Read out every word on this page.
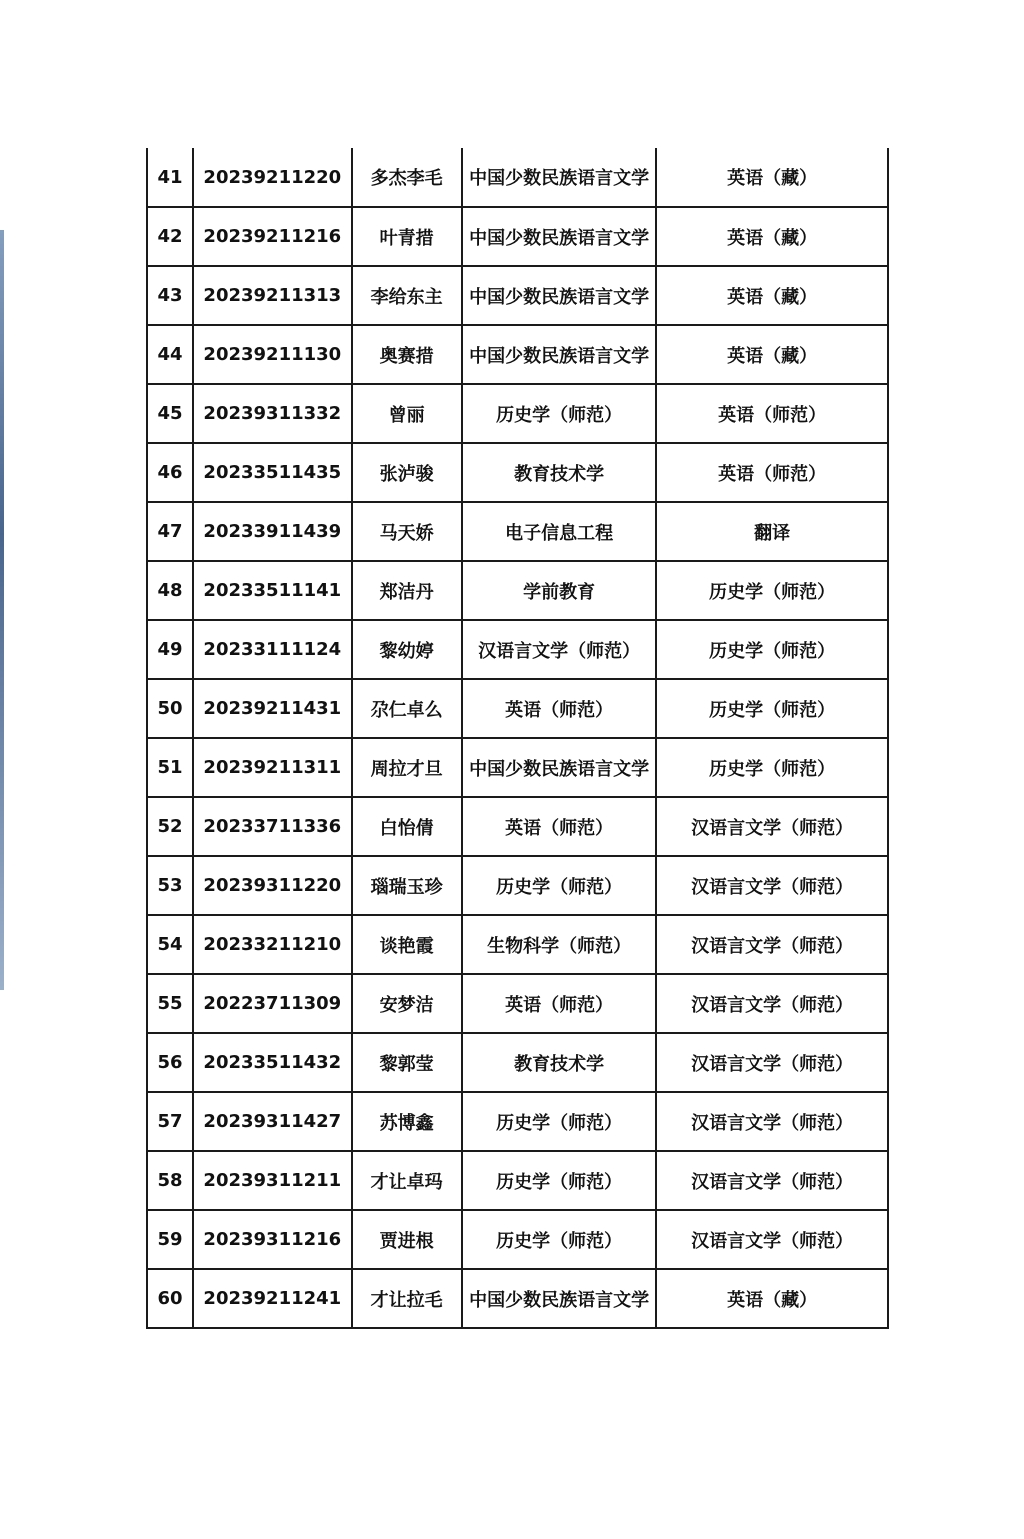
41	20239211220	多杰李毛	中国少数民族语言文学	英语（藏）
42	20239211216	叶青措	中国少数民族语言文学	英语（藏）
43	20239211313	李给东主	中国少数民族语言文学	英语（藏）
44	20239211130	奥赛措	中国少数民族语言文学	英语（藏）
45	20239311332	曾丽	历史学（师范）	英语（师范）
46	20233511435	张泸骏	教育技术学	英语（师范）
47	20233911439	马天娇	电子信息工程	翻译
48	20233511141	郑洁丹	学前教育	历史学（师范）
49	20233111124	黎幼婷	汉语言文学（师范）	历史学（师范）
50	20239211431	尕仁卓么	英语（师范）	历史学（师范）
51	20239211311	周拉才旦	中国少数民族语言文学	历史学（师范）
52	20233711336	白怡倩	英语（师范）	汉语言文学（师范）
53	20239311220	瑙瑞玉珍	历史学（师范）	汉语言文学（师范）
54	20233211210	谈艳霞	生物科学（师范）	汉语言文学（师范）
55	20223711309	安梦洁	英语（师范）	汉语言文学（师范）
56	20233511432	黎郭莹	教育技术学	汉语言文学（师范）
57	20239311427	苏博鑫	历史学（师范）	汉语言文学（师范）
58	20239311211	才让卓玛	历史学（师范）	汉语言文学（师范）
59	20239311216	贾进根	历史学（师范）	汉语言文学（师范）
60	20239211241	才让拉毛	中国少数民族语言文学	英语（藏）
